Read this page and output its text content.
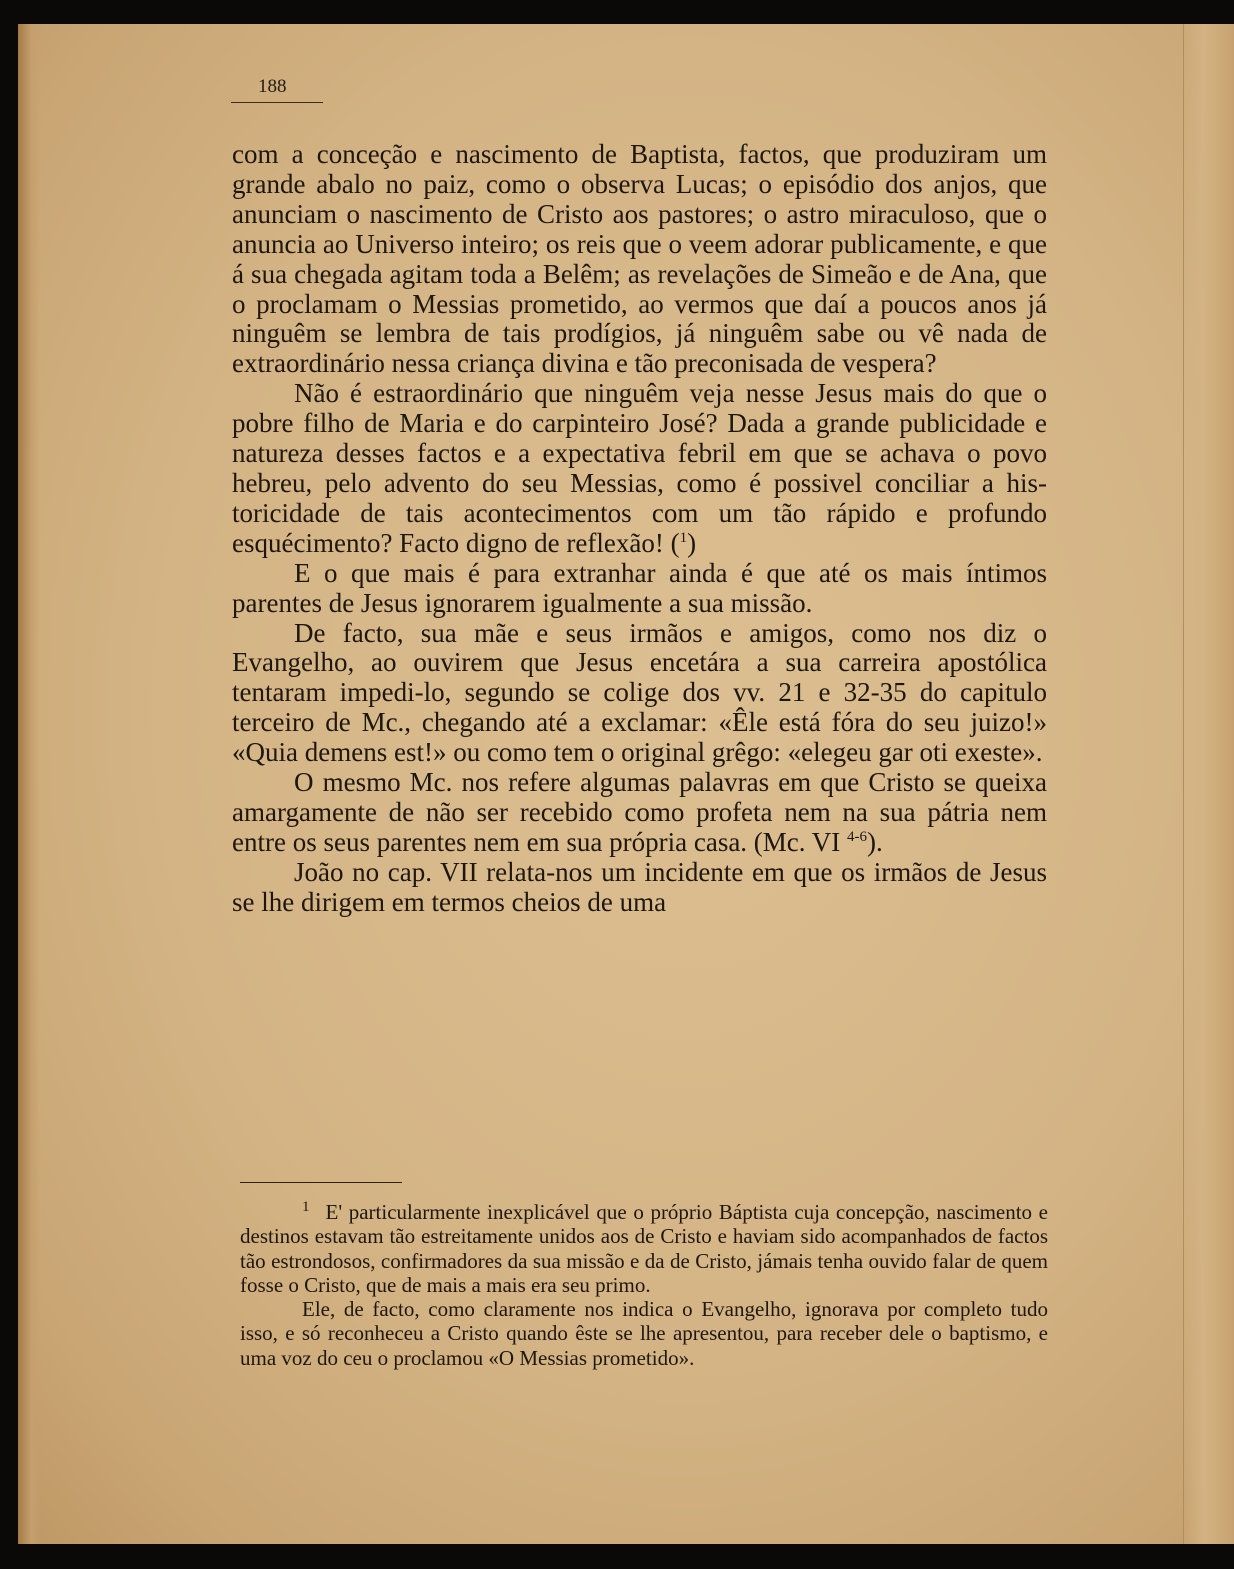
188

com a conceção e nascimento de Baptista, factos, que produziram um grande abalo no paiz, como o observa Lucas; o episódio dos anjos, que anunciam o nascimento de Cristo aos pastores; o astro miraculoso, que o anuncia ao Universo inteiro; os reis que o veem adorar publicamente, e que á sua chegada agitam toda a Belêm; as revelações de Simeão e de Ana, que o proclamam o Messias prometido, ao vermos que daí a poucos anos já ninguêm se lembra de tais prodígios, já ninguêm sabe ou vê nada de extraordinário nessa criança divina e tão preconisada de vespera?

Não é estraordinário que ninguêm veja nesse Jesus mais do que o pobre filho de Maria e do carpinteiro José? Dada a grande publicidade e natureza desses factos e a expectativa febril em que se achava o povo hebreu, pelo advento do seu Messias, como é possivel conciliar a historicidade de tais acontecimentos com um tão rápido e profundo esquécimento? Facto digno de reflexão! ($^1$)

E o que mais é para extranhar ainda é que até os mais íntimos parentes de Jesus ignorarem igualmente a sua missão.

De facto, sua mãe e seus irmãos e amigos, como nos diz o Evangelho, ao ouvirem que Jesus encetára a sua carreira apostólica tentaram impedi-lo, segundo se colige dos vv. 21 e 32-35 do capitulo terceiro de Mc., chegando até a exclamar: «Êle está fóra do seu juizo!» «Quia demens est!» ou como tem o original grêgo: «elegeu gar oti exeste».

O mesmo Mc. nos refere algumas palavras em que Cristo se queixa amargamente de não ser recebido como profeta nem na sua pátria nem entre os seus parentes nem em sua própria casa. (Mc. VI $^{4-6}$).

João no cap. VII relata-nos um incidente em que os irmãos de Jesus se lhe dirigem em termos cheios de uma

$^1$ E' particularmente inexplicável que o próprio Báptista cuja concepção, nascimento e destinos estavam tão estreitamente unidos aos de Cristo e haviam sido acompanhados de factos tão estrondosos, confirmadores da sua missão e da de Cristo, jámais tenha ouvido falar de quem fosse o Cristo, que de mais a mais era seu primo.

Ele, de facto, como claramente nos indica o Evangelho, ignorava por completo tudo isso, e só reconheceu a Cristo quando êste se lhe apresentou, para receber dele o baptismo, e uma voz do ceu o proclamou «O Messias prometido».
